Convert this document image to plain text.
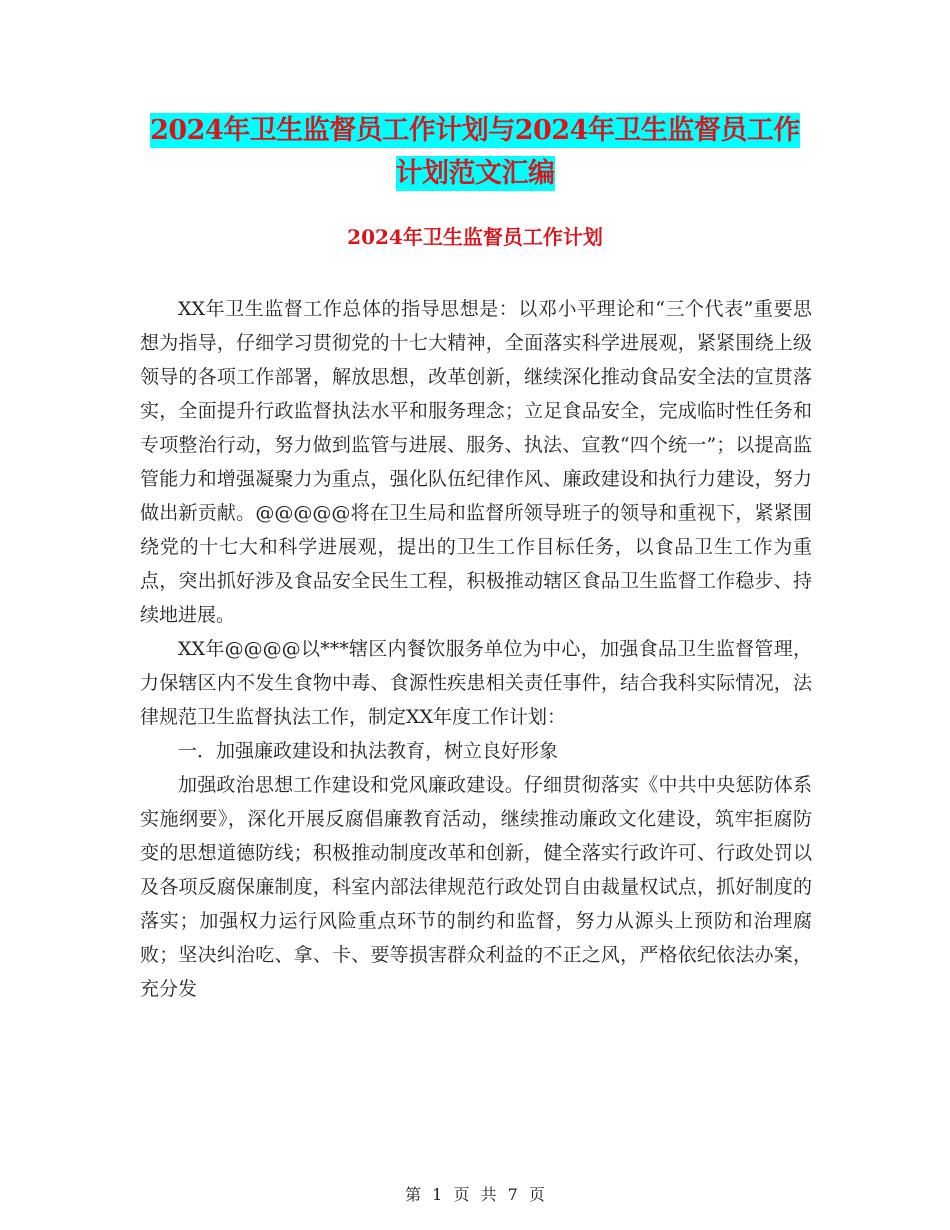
2024年卫生监督员工作计划与2024年卫生监督员工作
计划范文汇编
2024年卫生监督员工作计划

XX年卫生监督工作总体的指导思想是：以邓小平理论和“三个代表”重要思想为指导，仔细学习贯彻党的十七大精神，全面落实科学进展观，紧紧围绕上级领导的各项工作部署，解放思想，改革创新，继续深化推动食品安全法的宣贯落实，全面提升行政监督执法水平和服务理念；立足食品安全，完成临时性任务和专项整治行动，努力做到监管与进展、服务、执法、宣教“四个统一”；以提高监管能力和增强凝聚力为重点，强化队伍纪律作风、廉政建设和执行力建设，努力做出新贡献。@@@@@将在卫生局和监督所领导班子的领导和重视下，紧紧围绕党的十七大和科学进展观，提出的卫生工作目标任务，以食品卫生工作为重点，突出抓好涉及食品安全民生工程，积极推动辖区食品卫生监督工作稳步、持续地进展。

XX年@@@@以***辖区内餐饮服务单位为中心，加强食品卫生监督管理，力保辖区内不发生食物中毒、食源性疾患相关责任事件，结合我科实际情况，法律规范卫生监督执法工作，制定XX年度工作计划：

一．加强廉政建设和执法教育，树立良好形象

加强政治思想工作建设和党风廉政建设。仔细贯彻落实《中共中央惩防体系实施纲要》，深化开展反腐倡廉教育活动，继续推动廉政文化建设，筑牢拒腐防变的思想道德防线；积极推动制度改革和创新，健全落实行政许可、行政处罚以及各项反腐保廉制度，科室内部法律规范行政处罚自由裁量权试点，抓好制度的落实；加强权力运行风险重点环节的制约和监督，努力从源头上预防和治理腐败；坚决纠治吃、拿、卡、要等损害群众利益的不正之风，严格依纪依法办案，充分发

第 1 页 共 7 页
